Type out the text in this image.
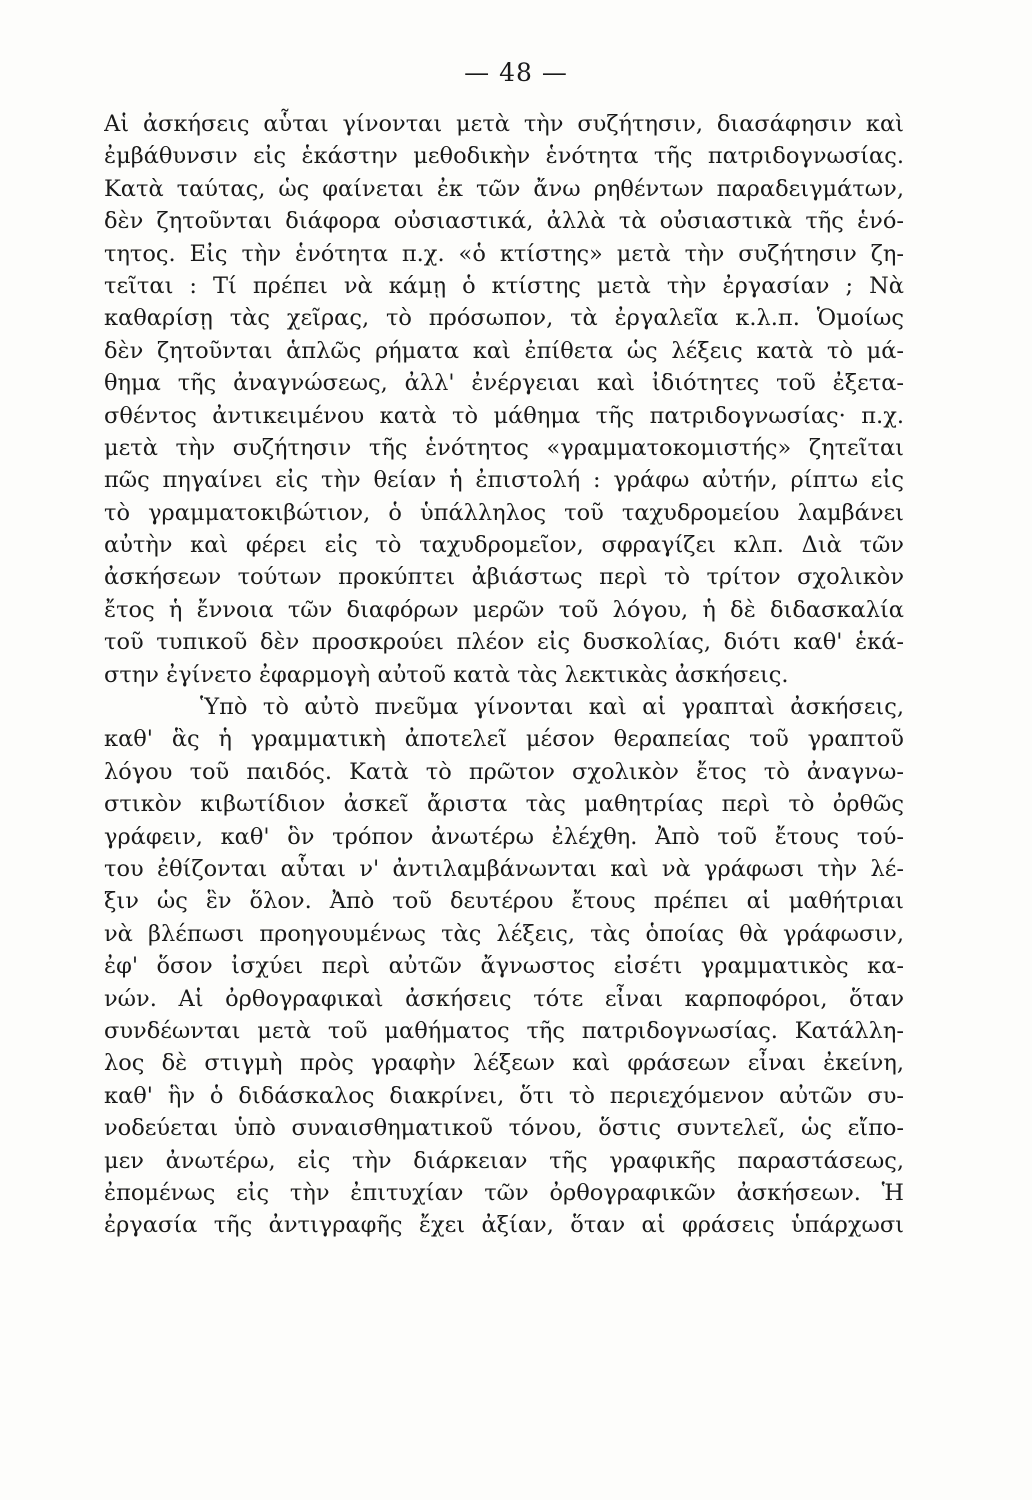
— 48 —
Αἱ ἀσκήσεις αὗται γίνονται μετὰ τὴν συζήτησιν, διασάφησιν καὶ
ἐμβάθυνσιν εἰς ἑκάστην μεθοδικὴν ἑνότητα τῆς πατριδογνωσίας.
Κατὰ ταύτας, ὡς φαίνεται ἐκ τῶν ἄνω ρηθέντων παραδειγμάτων,
δὲν ζητοῦνται διάφορα οὐσιαστικά, ἀλλὰ τὰ οὐσιαστικὰ τῆς ἑνό-
τητος. Εἰς τὴν ἑνότητα π.χ. «ὁ κτίστης» μετὰ τὴν συζήτησιν ζη-
τεῖται : Τί πρέπει νὰ κάμῃ ὁ κτίστης μετὰ τὴν ἐργασίαν ; Νὰ
καθαρίσῃ τὰς χεῖρας, τὸ πρόσωπον, τὰ ἐργαλεῖα κ.λ.π. Ὁμοίως
δὲν ζητοῦνται ἁπλῶς ρήματα καὶ ἐπίθετα ὡς λέξεις κατὰ τὸ μά-
θημα τῆς ἀναγνώσεως, ἀλλ' ἐνέργειαι καὶ ἰδιότητες τοῦ ἐξετα-
σθέντος ἀντικειμένου κατὰ τὸ μάθημα τῆς πατριδογνωσίας· π.χ.
μετὰ τὴν συζήτησιν τῆς ἑνότητος «γραμματοκομιστής» ζητεῖται
πῶς πηγαίνει εἰς τὴν θείαν ἡ ἐπιστολή : γράφω αὐτήν, ρίπτω εἰς
τὸ γραμματοκιβώτιον, ὁ ὑπάλληλος τοῦ ταχυδρομείου λαμβάνει
αὐτὴν καὶ φέρει εἰς τὸ ταχυδρομεῖον, σφραγίζει κλπ. Διὰ τῶν
ἀσκήσεων τούτων προκύπτει ἀβιάστως περὶ τὸ τρίτον σχολικὸν
ἔτος ἡ ἔννοια τῶν διαφόρων μερῶν τοῦ λόγου, ἡ δὲ διδασκαλία
τοῦ τυπικοῦ δὲν προσκρούει πλέον εἰς δυσκολίας, διότι καθ' ἑκά-
στην ἐγίνετο ἐφαρμογὴ αὐτοῦ κατὰ τὰς λεκτικὰς ἀσκήσεις.
Ὑπὸ τὸ αὐτὸ πνεῦμα γίνονται καὶ αἱ γραπταὶ ἀσκήσεις,
καθ' ἃς ἡ γραμματικὴ ἀποτελεῖ μέσον θεραπείας τοῦ γραπτοῦ
λόγου τοῦ παιδός. Κατὰ τὸ πρῶτον σχολικὸν ἔτος τὸ ἀναγνω-
στικὸν κιβωτίδιον ἀσκεῖ ἄριστα τὰς μαθητρίας περὶ τὸ ὀρθῶς
γράφειν, καθ' ὃν τρόπον ἀνωτέρω ἐλέχθη. Ἀπὸ τοῦ ἔτους τού-
του ἐθίζονται αὗται ν' ἀντιλαμβάνωνται καὶ νὰ γράφωσι τὴν λέ-
ξιν ὡς ἓν ὅλον. Ἀπὸ τοῦ δευτέρου ἔτους πρέπει αἱ μαθήτριαι
νὰ βλέπωσι προηγουμένως τὰς λέξεις, τὰς ὁποίας θὰ γράφωσιν,
ἐφ' ὅσον ἰσχύει περὶ αὐτῶν ἄγνωστος εἰσέτι γραμματικὸς κα-
νών. Αἱ ὀρθογραφικαὶ ἀσκήσεις τότε εἶναι καρποφόροι, ὅταν
συνδέωνται μετὰ τοῦ μαθήματος τῆς πατριδογνωσίας. Κατάλλη-
λος δὲ στιγμὴ πρὸς γραφὴν λέξεων καὶ φράσεων εἶναι ἐκείνη,
καθ' ἣν ὁ διδάσκαλος διακρίνει, ὅτι τὸ περιεχόμενον αὐτῶν συ-
νοδεύεται ὑπὸ συναισθηματικοῦ τόνου, ὅστις συντελεῖ, ὡς εἴπο-
μεν ἀνωτέρω, εἰς τὴν διάρκειαν τῆς γραφικῆς παραστάσεως,
ἐπομένως εἰς τὴν ἐπιτυχίαν τῶν ὀρθογραφικῶν ἀσκήσεων. Ἡ
ἐργασία τῆς ἀντιγραφῆς ἔχει ἀξίαν, ὅταν αἱ φράσεις ὑπάρχωσι
